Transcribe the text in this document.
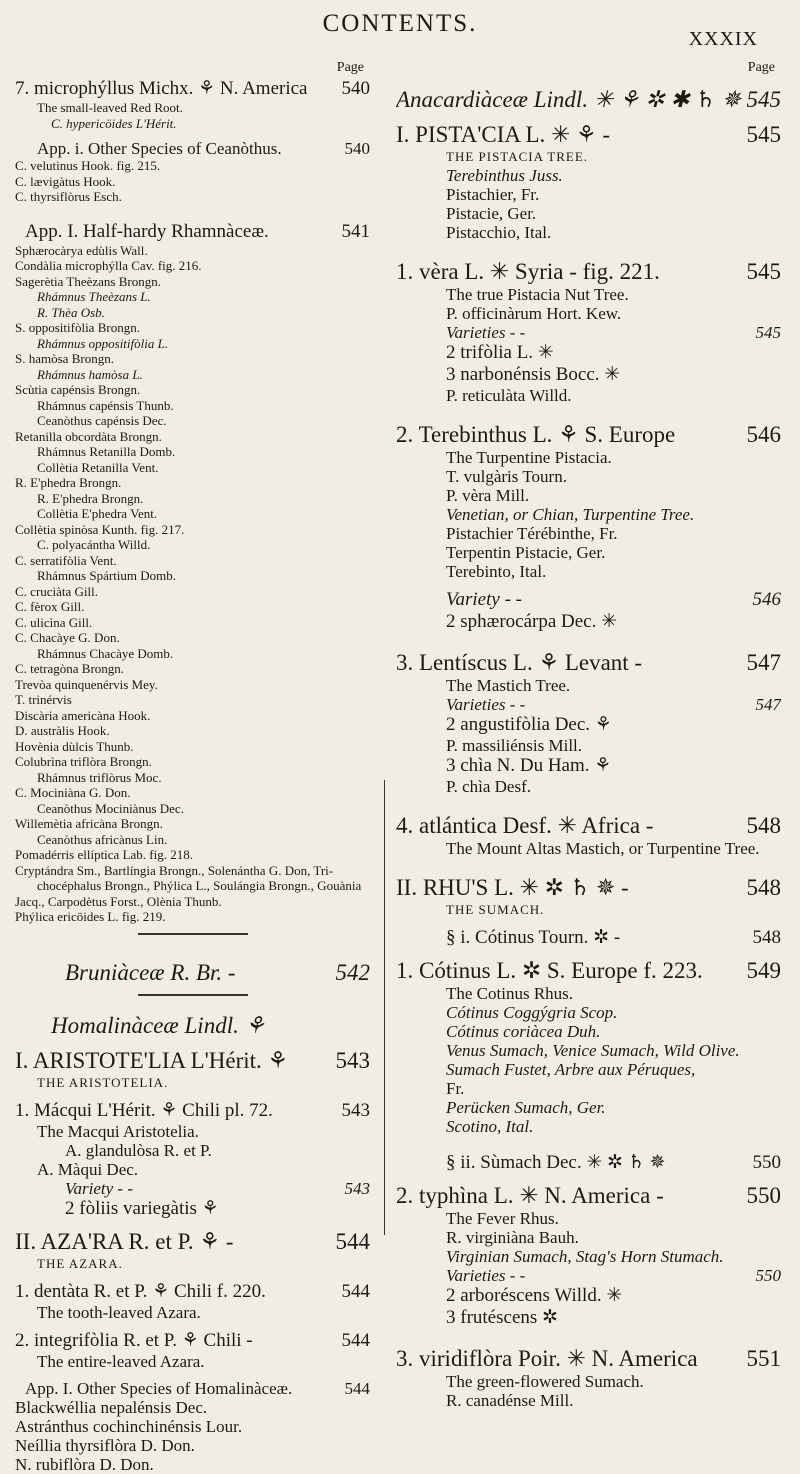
CONTENTS.
XXXIX
Page
7. microphýllus Michx. ⚘ N. America 540
The small-leaved Red Root.
C. hypericöides L'Hérit.
App. i. Other Species of Ceanòthus.	540
C. velutinus Hook. fig. 215.
C. lævigàtus Hook.
C. thyrsiflòrus Esch.
App. I. Half-hardy Rhamnàceæ.	541
Sphærocàrya edùlis Wall.
Condàlia microphýlla Cav. fig. 216.
Sagerètia Theèzans Brongn.
Rhámnus Theèzans L.
R. Thèa Osb.
S. oppositifòlia Brongn.
Rhámnus oppositifòlia L.
S. hamòsa Brongn.
Rhámnus hamòsa L.
Scùtia capénsis Brongn.
Rhámnus capénsis Thunb.
Ceanòthus capénsis Dec.
Retanilla obcordàta Brongn.
Rhámnus Retanilla Domb.
Collètia Retanilla Vent.
R. E'phedra Brongn.
R. E'phedra Brongn.
Collètia E'phedra Vent.
Collètia spinòsa Kunth. fig. 217.
C. polyacántha Willd.
C. serratifòlia Vent.
Rhámnus Spártium Domb.
C. cruciàta Gill.
C. fèrox Gill.
C. ulicìna Gill.
C. Chacàye G. Don.
Rhámnus Chacàye Domb.
C. tetragòna Brongn.
Trevòa quinquenérvis Mey.
T. trinérvis
Discària americàna Hook.
D. austràlis Hook.
Hovènia dùlcis Thunb.
Colubrìna triflòra Brongn.
Rhámnus triflòrus Moc.
C. Mociniàna G. Don.
Ceanòthus Mociniànus Dec.
Willemètia africàna Brongn.
Ceanòthus africànus Lin.
Pomadérris ellíptica Lab. fig. 218.
Cryptándra Sm., Bartlíngia Brongn., Solenántha G. Don, Tri-
chocéphalus Brongn., Phýlica L., Soulángia Brongn., Gouània
Jacq., Carpodètus Forst., Olènia Thunb.
Phýlica ericöides L. fig. 219.
Bruniàceæ R. Br. -	542
Homalinàceæ Lindl. ⚘
I. ARISTOTE'LIA L'Hérit. ⚘ 543
THE ARISTOTELIA.
1. Mácqui L'Hérit. ⚘ Chili pl. 72.	543
The Macqui Aristotelia.
A. glandulòsa R. et P.
A. Màqui Dec.
Variety - -	543
2 fòliis variegàtis ⚘
II. AZA'RA R. et P. ⚘ -	544
THE AZARA.
1. dentàta R. et P. ⚘ Chili f. 220.	544
The tooth-leaved Azara.
2. integrifòlia R. et P. ⚘ Chili -	544
The entire-leaved Azara.
App. I. Other Species of Homalinàceæ.	544
Blackwéllia nepalénsis Dec.
Astránthus cochinchinénsis Lour.
Neíllia thyrsiflòra D. Don.
N. rubiflòra D. Don.
Page
Anacardiàceæ Lindl. ✳ ⚘ ✲ ✱ ♄ ✵ 545
I. PISTA'CIA L. ✳ ⚘ -	545
THE PISTACIA TREE.
Terebinthus Juss.
Pistachier, Fr.
Pistacie, Ger.
Pistacchio, Ital.
1. vèra L. ✳ Syria - fig. 221.	545
The true Pistacia Nut Tree.
P. officinàrum Hort. Kew.
Varieties - -	545
2 trifòlia L. ✳
3 narbonénsis Bocc. ✳
P. reticulàta Willd.
2. Terebinthus L. ⚘ S. Europe	546
The Turpentine Pistacia.
T. vulgàris Tourn.
P. vèra Mill.
Venetian, or Chian, Turpentine Tree.
Pistachier Térébinthe, Fr.
Terpentin Pistacie, Ger.
Terebinto, Ital.
Variety - -	546
2 sphærocárpa Dec. ✳
3. Lentíscus L. ⚘ Levant -	547
The Mastich Tree.
Varieties - -	547
2 angustifòlia Dec. ⚘
P. massiliénsis Mill.
3 chìa N. Du Ham. ⚘
P. chìa Desf.
4. atlántica Desf. ✳ Africa -	548
The Mount Altas Mastich, or Turpentine Tree.
II. RHU'S L. ✳ ✲ ♄ ✵ -	548
THE SUMACH.
§ i. Cótinus Tourn. ✲ -	548
1. Cótinus L. ✲ S. Europe f. 223. 549
The Cotinus Rhus.
Cótinus Coggýgria Scop.
Cótinus coriàcea Duh.
Venus Sumach, Venice Sumach, Wild Olive.
Sumach Fustet, Arbre aux Péruques,
Fr.
Perücken Sumach, Ger.
Scotino, Ital.
§ ii. Sùmach Dec. ✳ ✲ ♄ ✵	550
2. typhìna L. ✳ N. America -	550
The Fever Rhus.
R. virginiàna Bauh.
Virginian Sumach, Stag's Horn Stumach.
Varieties - -	550
2 arboréscens Willd. ✳
3 frutéscens ✲
3. viridiflòra Poir. ✳ N. America 551
The green-flowered Sumach.
R. canadénse Mill.
